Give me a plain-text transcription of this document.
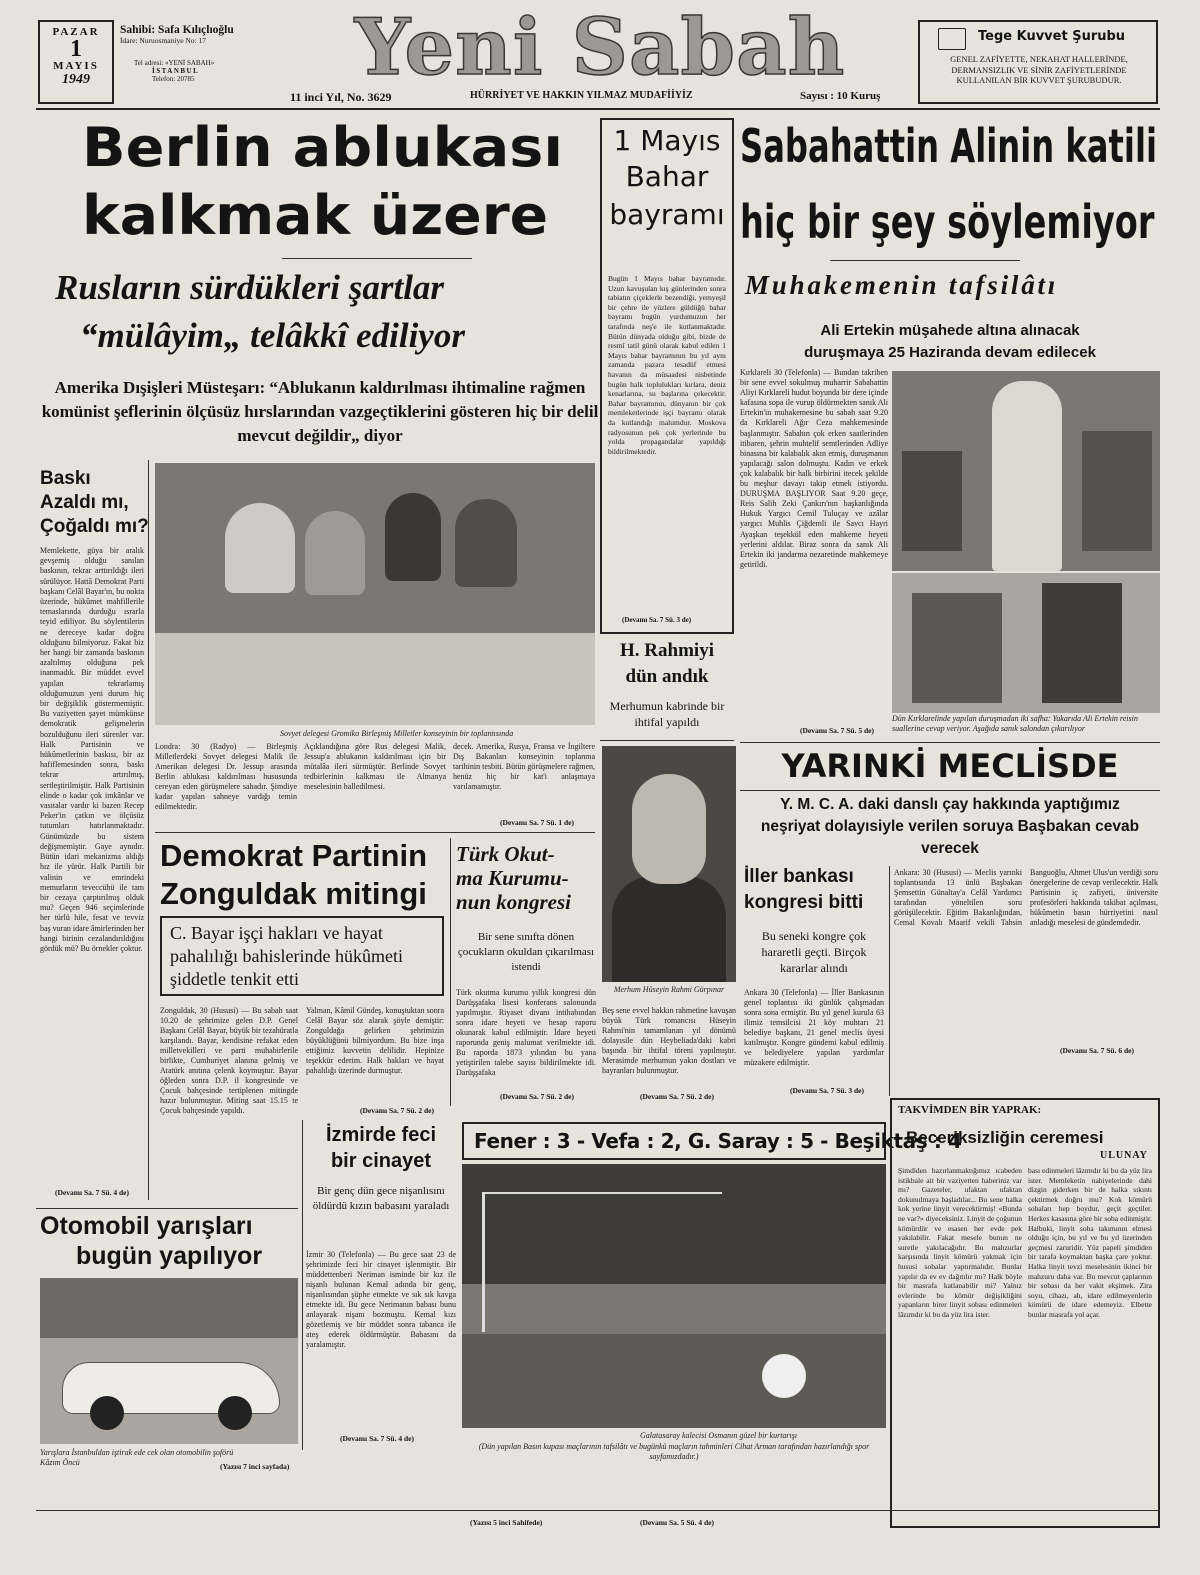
PAZAR
1
MAYIS
1949
Sahibi: Safa Kılıçlıoğlu
İdare: Nuruosmaniye No: 17
Tel adresi: «YENİ SABAH»
İSTANBUL
Telefon: 20785	Yeni Sabah
11 inci Yıl, No. 3629	HÜRRİYET VE HAKKIN YILMAZ MUDAFİİYİZ	Sayısı : 10 Kuruş
Tege Kuvvet Şurubu
GENEL ZAFİYETTE, NEKAHAT HALLERİNDE, DERMANSIZLIK VE SİNİR ZAFİYETLERİNDE KULLANILAN BİR KUVVET ŞURUBUDUR.
Berlin ablukası
kalkmak üzere
Rusların sürdükleri şartlar
“mülâyim„ telâkkî ediliyor
Amerika Dışişleri Müsteşarı: “Ablukanın kaldırılması ihtimaline rağmen komünist şeflerinin ölçüsüz hırslarından vazgeçtiklerini gösteren hiç bir delil mevcut değildir„ diyor
Baskı
Azaldı mı,
Çoğaldı mı?
Memlekette, güya bir aralık gevşemiş olduğu sanılan baskının, tekrar arttırıldığı ileri sürülüyor. Hattâ Demokrat Parti başkanı Celâl Bayar'ın, bu nokta üzerinde, hükûmet mahfillerile temaslarında durduğu ısrarla teyid ediliyor. Bu söylentilerin ne dereceye kadar doğru olduğunu bilmiyoruz. Fakat biz her hangi bir zamanda baskının azaltılmış olduğuna pek inanmadık. Bir müddet evvel yapılan tekrarlamış olduğumuzun yeni durum hiç bir değişiklik göstermemiştir. Bu vaziyetten şayet mümkünse demokratik gelişmelerin bozulduğunu ileri sürenler var. Halk Partisinin ve hükûmetlerinin baskısı, bir az hafiflemesinden sonra, baskı tekrar artırılmış, sertleştirilmiştir. Halk Partisinin elinde o kadar çok imkânlar ve vasıtalar vardır ki bazen Recep Peker'in çatkın ve ölçüsüz tutumları hatırlanmaktadır. Günümüzde bu sistem değişmemiştir. Gaye aynıdır. Bütün idari mekanizma aldığı hız ile yürür. Halk Partili bir valinin ve emrindeki memurların teveccühü ile tam bir cezaya çarptırılmış olduk mu? Geçen 946 seçimlerinde her türlü hile, fesat ve tevviz baş vuran idare âmirlerinden her hangi birinin cezalandırıldığını gördük mü? Bu örnekler çoktur.
(Devamı Sa. 7 Sü. 4 de)
Sovyet delegesi Gromiko Birleşmiş Milletler konseyinin bir toplantısında
Londra: 30 (Radyo) — Birleşmiş Milletlerdeki Sovyet delegesi Malik ile Amerikan delegesi Dr. Jessup arasında Berlin ablukası kaldırılması hususunda cereyan eden görüşmelere sahadır. Şimdiye kadar yapılan sahneye vardığı temin edilmektedir.
Açıklandığına göre Rus delegesi Malik, Jessup'a ablukanın kaldırılması için bir mütalâa ileri sürmüştür. Berlinde Sovyet tedbirlerinin kalkması ile Almanya meselesinin halledilmesi.
decek. Amerika, Rusya, Fransa ve İngiltere Dış Bakanları konseyinin toplanma tarihinin tesbiti. Bütün görüşmelere rağmen, henüz hiç bir kat'i anlaşmaya varılamamıştır.
(Devamı Sa. 7 Sü. 1 de)
Demokrat Partinin
Zonguldak mitingi
C. Bayar işçi hakları ve hayat pahalılığı bahislerinde hükûmeti şiddetle tenkit etti
Zonguldak, 30 (Hususi) — Bu sabah saat 10.20 de şehrimize gelen D.P. Genel Başkanı Celâl Bayar, büyük bir tezahüratla karşılandı. Bayar, kendisine refakat eden milletvekilleri ve parti muhabirlerile birlikte, Cumhuriyet alanına gelmiş ve Atatürk anıtına çelenk koymuştur. Bayar öğleden sonra D.P. il kongresinde ve Çocuk bahçesinde tertiplenen mitingde hazır bulunmuştur. Miting saat 15.15 te Çocuk bahçesinde yapıldı.
Yalman, Kâmil Gündeş, konuştuktan sonra Celâl Bayar söz alarak şöyle demiştir: Zonguldağa gelirken şehrimizin büyüklüğünü bilmiyordum. Bu bize inşa ettiğimiz kuvvetin delilidir. Hepinize teşekkür ederim. Halk hakları ve hayat pahalılığı üzerinde durmuştur.
(Devamı Sa. 7 Sü. 2 de)
İzmirde feci
bir cinayet
Bir genç dün gece nişanlısını öldürdü kızın babasını yaraladı
İzmir 30 (Telefonla) — Bu gece saat 23 de şehrimizde feci bir cinayet işlenmiştir. Bir müddettenberi Neriman isminde bir kız ile nişanlı bulunan Kemal adında bir genç, nişanlısından şüphe etmekte ve sık sık kavga etmekte idi. Bu gece Nerimanın babası bunu anlayarak nişanı bozmuştu. Kemal kızı gözetlemiş ve bir müddet sonra tabanca ile ateş ederek öldürmüştür. Babasını da yaralamıştır.
(Devamı Sa. 7 Sü. 4 de)
Otomobil yarışları
bugün yapılıyor
Yarışlara İstanbuldan iştirak ede cek olan otomobilin şoförü Kâzım Öncü	(Yazısı 7 inci sayfada)
1 Mayıs
Bahar
bayramı
Bugün 1 Mayıs bahar bayramıdır. Uzun kavuşulan kış günlerinden sonra tabiatın çiçeklerle bezendiği, yemyeşil bir çehre ile yüzlere güldüğü bahar bayramı bugün yurdumuzun her tarafında neş'e ile kutlanmaktadır. Bütün dünyada olduğu gibi, bizde de resmî tatil günü olarak kabul edilen 1 Mayıs bahar bayramının bu yıl aynı zamanda pazara tesadüf etmesi havanın da müsaadesi nisbetinde bugün halk toplulukları kırlara, deniz kenarlarına, su başlarına çekecektir. Bahar bayramının, dünyanın bir çok memleketlerinde işçi bayramı olarak da kutlandığı malumdur. Moskova radyosunun pek çok yerlerinde bu yolda propagandalar yapıldığı bildirilmektedir.
(Devamı Sa. 7 Sü. 3 de)
H. Rahmiyi
dün andık
Merhumun kabrinde bir ihtifal yapıldı
Türk Okut-
ma Kurumu-
nun kongresi
Bir sene sınıfta dönen çocukların okuldan çıkarılması istendi
Türk okutma kurumu yıllık kongresi dün Darüşşafaka lisesi konferans salonunda yapılmıştır. Riyaset divanı intihabından sonra idare heyeti ve hesap raporu okunarak kabul edilmiştir. İdare heyeti raporunda geniş malumat verilmekte idi. Bu raporda 1873 yılından bu yana yetiştirilen talebe sayısı bildirilmekte idi. Darüşşafaka
(Devamı Sa. 7 Sü. 2 de)
Merhum Hüseyin Rahmi Gürpınar
Beş sene evvel hakkın rahmetine kavuşan büyük Türk romancısı Hüseyin Rahmi'nin tamamlanan yıl dönümü dolayısile dün Heybeliada'daki kabri başında bir ihtifal töreni yapılmıştır. Merasimde merhumun yakın dostları ve hayranları bulunmuştur.
(Devamı Sa. 7 Sü. 2 de)
Fener : 3 - Vefa : 2, G. Saray : 5 - Beşiktaş : 4
Galatasaray kalecisi Osmanın güzel bir kurtarışı
(Dün yapılan Basın kupası maçlarının tafsilâtı ve bugünkü maçların tahminleri Cihat Arman tarafından hazırlandığı spor sayfamızdadır.)
(Yazısı 5 inci Sahifede)
Sabahattin Alinin katili
hiç bir şey söylemiyor
Muhakemenin tafsilâtı
Ali Ertekin müşahede altına alınacak
duruşmaya 25 Haziranda devam edilecek
Kırklareli 30 (Telefonla) — Bundan takriben bir sene evvel sokulmuş muharrir Sabahattin Aliyi Kırklareli hudut boyunda bir dere içinde kafasına sopa ile vurup öldürmekten sanık Ali Ertekin'in muhakemesine bu sabah saat 9.20 da Kırklareli Ağır Ceza mahkemesinde başlanmıştır. Sabahın çok erken saatlerinden itibaren, şehrin muhtelif semtlerinden Adliye binasına bir kalabalık akın etmiş, duruşmanın yapılacağı salon dolmuştu. Kadın ve erkek çok kalabalık bir halk birbirini itecek şekilde bu meşhur davayı takip etmek istiyordu. DURUŞMA BAŞLIYOR Saat 9.20 geçe, Reis Salih Zeki Çankırı'nın başkanlığında Hukuk Yargıcı Cemil Tuluçay ve azâlar yargıcı Muhlis Çiğdemli ile Savcı Hayri Ayaşkan teşekkül eden mahkeme heyeti yerlerini aldılar. Biraz sonra da sanık Ali Ertekin iki jandarma nezaretinde mahkemeye getirildi.
Dün Kırklarelinde yapılan duruşmadan iki safha: Yukarıda Ali Ertekin reisin suallerine cevap veriyor. Aşağıda sanık salondan çıkarılıyor
(Devamı Sa. 7 Sü. 5 de)
YARINKİ MECLİSDE
Y. M. C. A. daki danslı çay hakkında yaptığımız neşriyat dolayısiyle verilen soruya Başbakan cevab verecek
İller bankası
kongresi bitti
Bu seneki kongre çok hararetli geçti. Birçok kararlar alındı
Ankara 30 (Telefonla) — İller Bankasının genel toplantısı iki günlük çalışmadan sonra sona ermiştir. Bu yıl genel kurula 63 ilimiz temsilcisi 21 köy muhtarı 21 belediye başkanı, 21 genel meclis üyesi katılmıştır. Kongre gündemi kabul edilmiş ve belediyelere yapılan yardımlar müzakere edilmiştir.
(Devamı Sa. 7 Sü. 3 de)
Ankara: 30 (Hususi) — Meclis yarınki toplantısında 13 ünlü Başbakan Şemsettin Günaltay'a Celâl Yardımcı tarafından yöneltilen soru görüşülecektir. Eğitim Bakanlığından, Cemal Kovalı Maarif vekili Tahsin Banguoğlu, Ahmet Ulus'un verdiği soru önergelerine de cevap verilecektir. Halk Partisinin iç zafiyeti, üniversite profesörleri hakkında takibat açılması, hükûmetin basın hürriyetini nasıl anladığı meselesi de gündemdedir.
(Devamı Sa. 7 Sü. 6 de)
TAKVİMDEN BİR YAPRAK:
Beceriksizliğin ceremesi
ULUNAY
Şimdiden hazırlanmaktığımız ıcabeden istikbale ait bir vaziyetten haberiniz var mı? Gazeteler, ufaktan ufaktan dokunulmaya başladılar... Bu sene halka kok yerine linyit verecektirmiş! «Bunda ne var?» diyeceksiniz. Linyit de çoğunun kömürdür ve esasen her evde pek yakılabilir. Fakat mesele bunun ne suretle yakılacağıdır. Bu mahzurlar karşısında linyit kömürü yakmak için hususi sobalar yaptırmalıdır. Bunlar yapılır da ev ev dağıtılır mı? Halk böyle bir masrafa katlanabilir mi? Yalnız evlerinde bu kömür değişikliğini yapanların birer linyit sobası edinmeleri lâzımdır ki bu da yüz lira ister.
bası edinmeleri lâzımdır ki bu da yüz lira ister. Memleketin nahiyelerinde dahi dizgin giderken bir de halka sıkıntı çektirmek doğru mu? Kok kömürü sobaları hep boydur, geçit geçtiler. Herkes kasasına göre bir soba edinmiştir. Halbuki, linyit soba takımının elmesi olduğu için, bu yıl ve bu yıl üzerinden geçmesi zaruridir. Yüz papeli şimdiden bir tarafa koymaktan başka çare yoktur. Halka linyit tevzi meselesinin ikinci bir mahzuru daha var. Bu mevcut çaplarının bir sobası da her vakit ekşimek. Zira soyu, cihazı, ah, idare edilmeyenlerin kömürü de idare edemeyiz. Elbette bunlar masrafa yol açar.
(Devamı Sa. 5 Sü. 4 de)
